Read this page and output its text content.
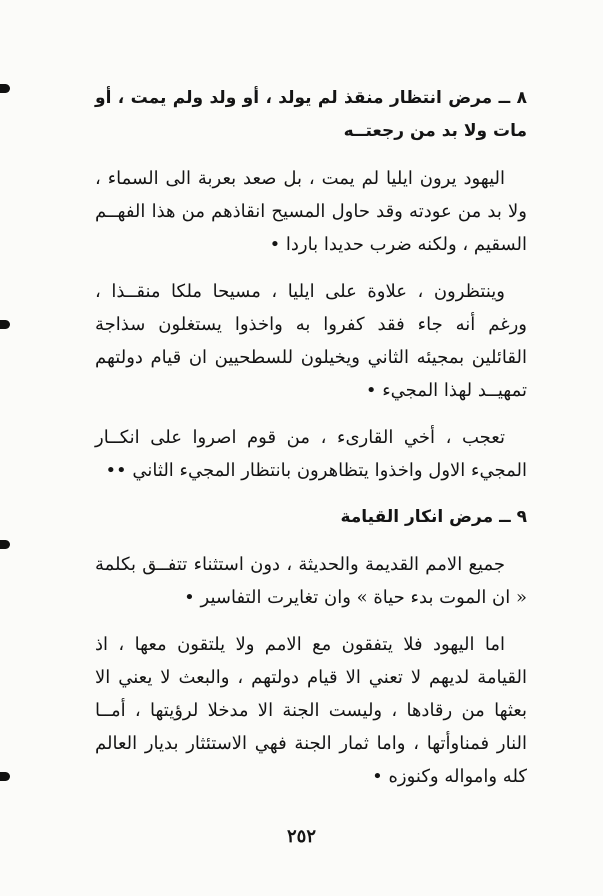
٨ ــ مرض انتظار منقذ لم يولد ، أو ولد ولم يمت ، أو مات ولا بد من رجعتــه

اليهود يرون ايليا لم يمت ، بل صعد بعربة الى السماء ، ولا بد من عودته وقد حاول المسيح انقاذهم من هذا الفهــم السقيم ، ولكنه ضرب حديدا باردا •

وينتظرون ، علاوة على ايليا ، مسيحا ملكا منقــذا ، ورغم أنه جاء فقد كفروا به واخذوا يستغلون سذاجة القائلين بمجيئه الثاني ويخيلون للسطحيين ان قيام دولتهم تمهيــد لهذا المجيء •

تعجب ، أخي القارىء ، من قوم اصروا على انكــار المجيء الاول واخذوا يتظاهرون بانتظار المجيء الثاني ••

٩ ــ مرض انكار القيامة

جميع الامم القديمة والحديثة ، دون استثناء تتفــق بكلمة « ان الموت بدء حياة » وان تغايرت التفاسير •

اما اليهود فلا يتفقون مع الامم ولا يلتقون معها ، اذ القيامة لديهم لا تعني الا قيام دولتهم ، والبعث لا يعني الا بعثها من رقادها ، وليست الجنة الا مدخلا لرؤيتها ، أمــا النار فمناوأتها ، واما ثمار الجنة فهي الاستئثار بديار العالم كله وامواله وكنوزه •

٢٥٢
